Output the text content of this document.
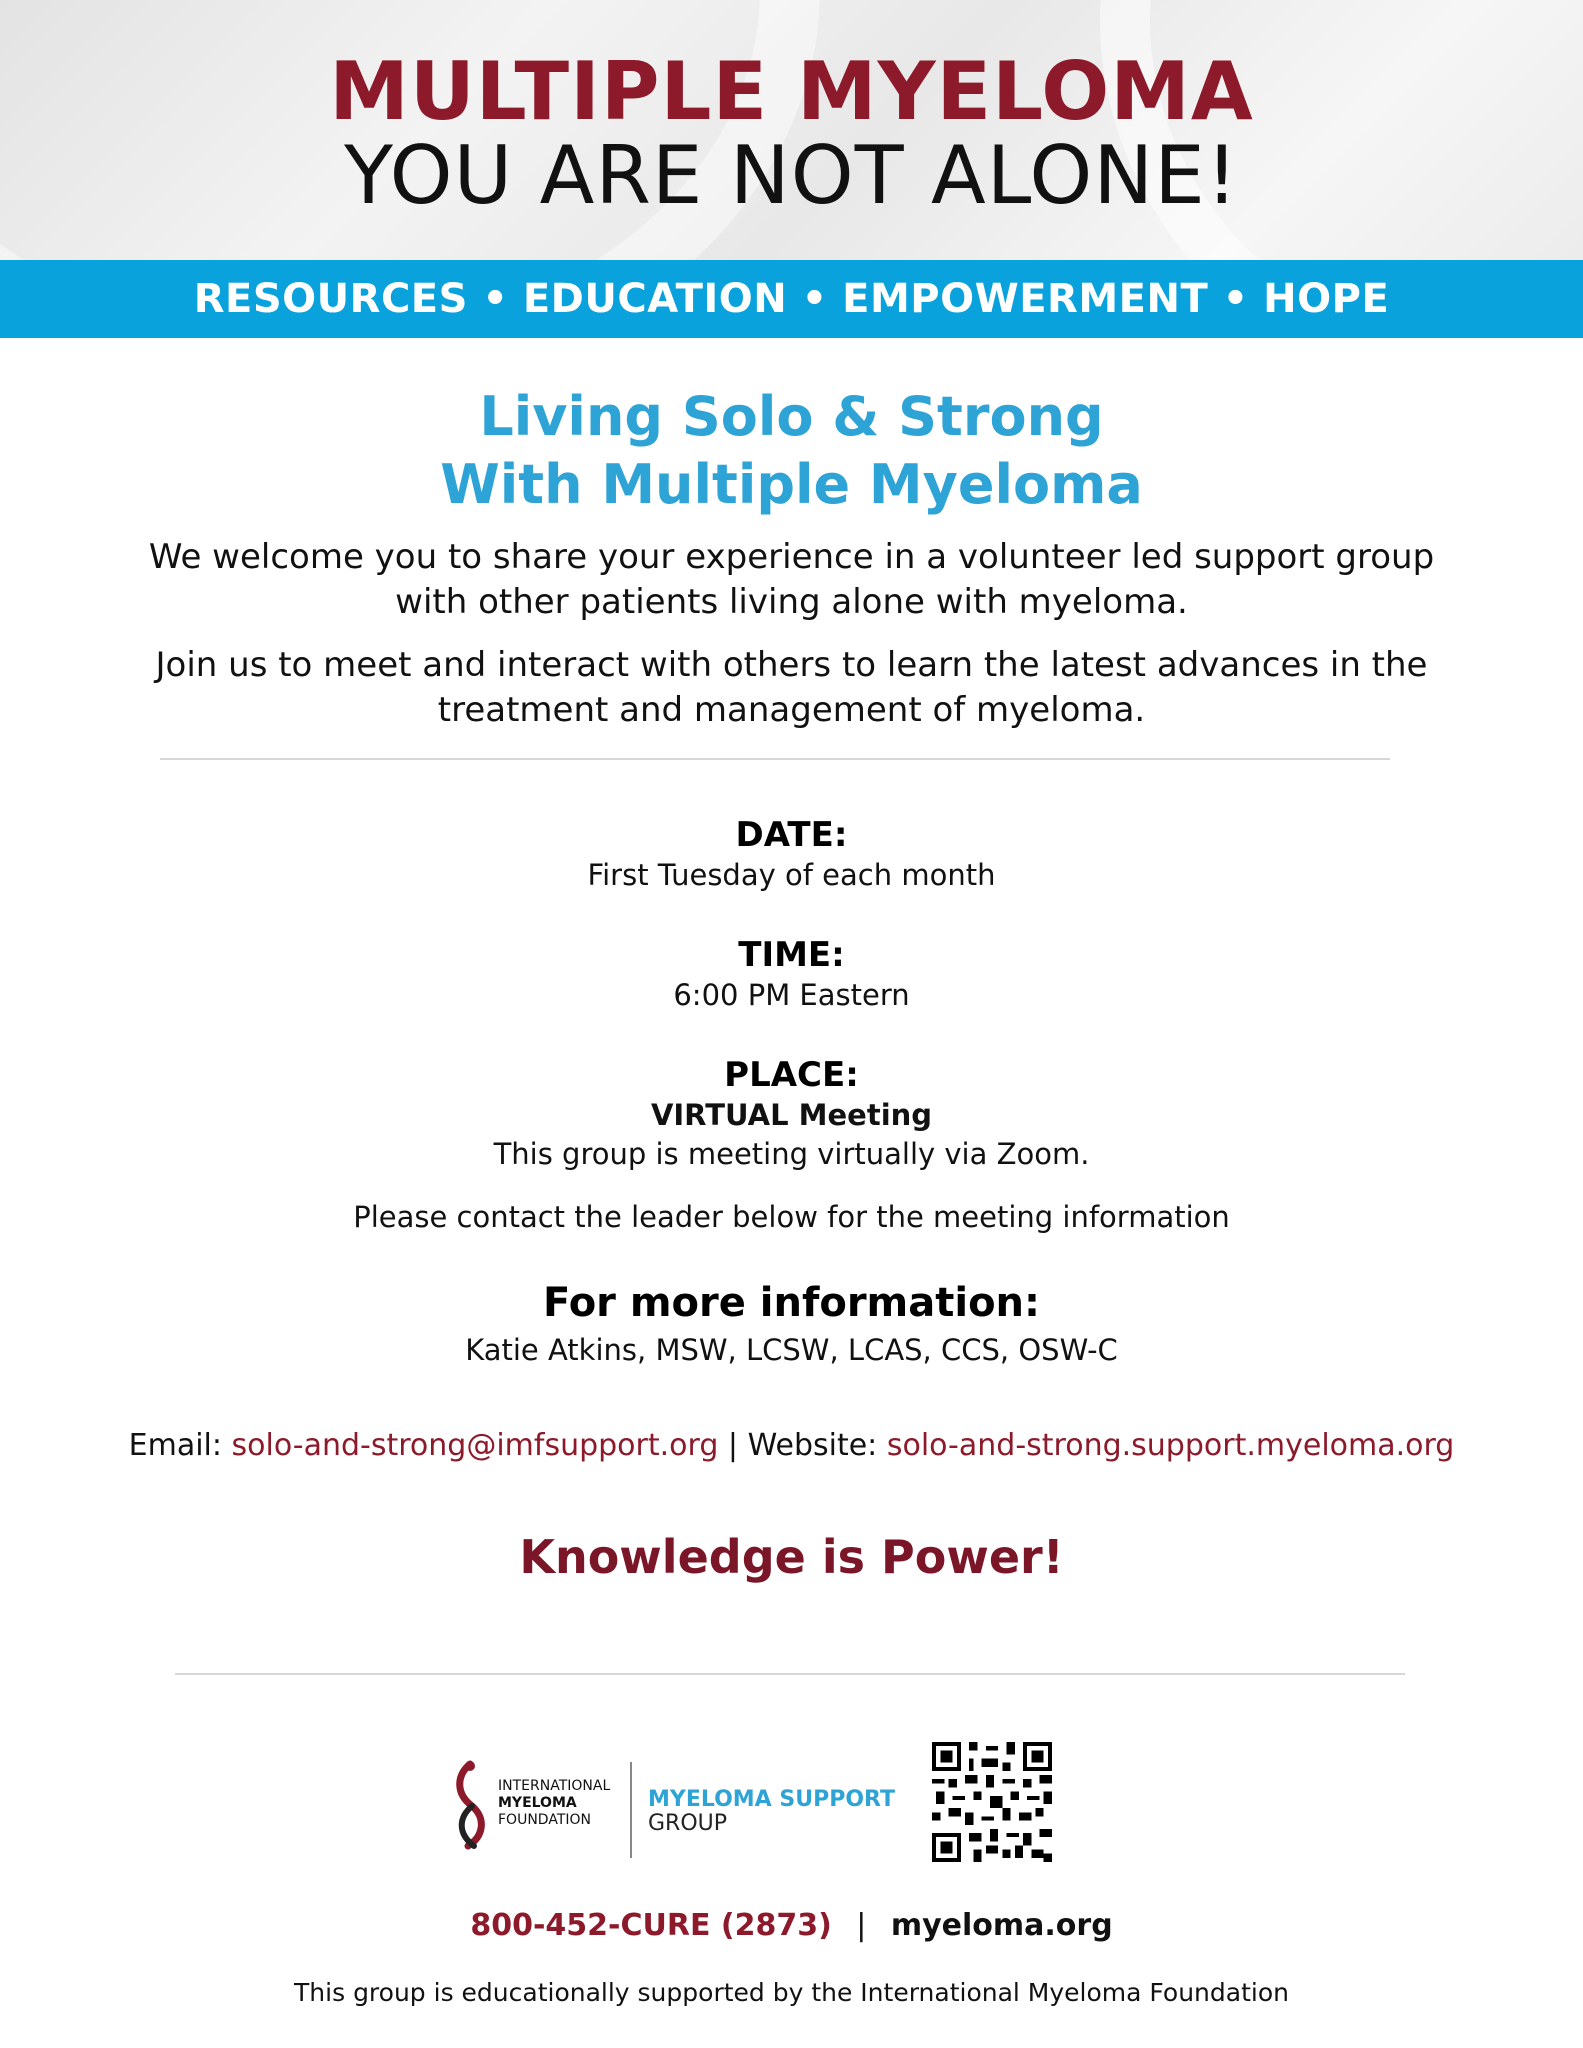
MULTIPLE MYELOMA
YOU ARE NOT ALONE!
RESOURCES • EDUCATION • EMPOWERMENT • HOPE
Living Solo & Strong
With Multiple Myeloma
We welcome you to share your experience in a volunteer led support group
with other patients living alone with myeloma.
Join us to meet and interact with others to learn the latest advances in the
treatment and management of myeloma.
DATE:
First Tuesday of each month
TIME:
6:00 PM Eastern
PLACE:
VIRTUAL Meeting
This group is meeting virtually via Zoom.
Please contact the leader below for the meeting information
For more information:
Katie Atkins, MSW, LCSW, LCAS, CCS, OSW-C
Email: solo-and-strong@imfsupport.org | Website: solo-and-strong.support.myeloma.org
Knowledge is Power!
INTERNATIONAL
MYELOMA
FOUNDATION
MYELOMA SUPPORT
GROUP
800-452-CURE (2873) | myeloma.org
This group is educationally supported by the International Myeloma Foundation
